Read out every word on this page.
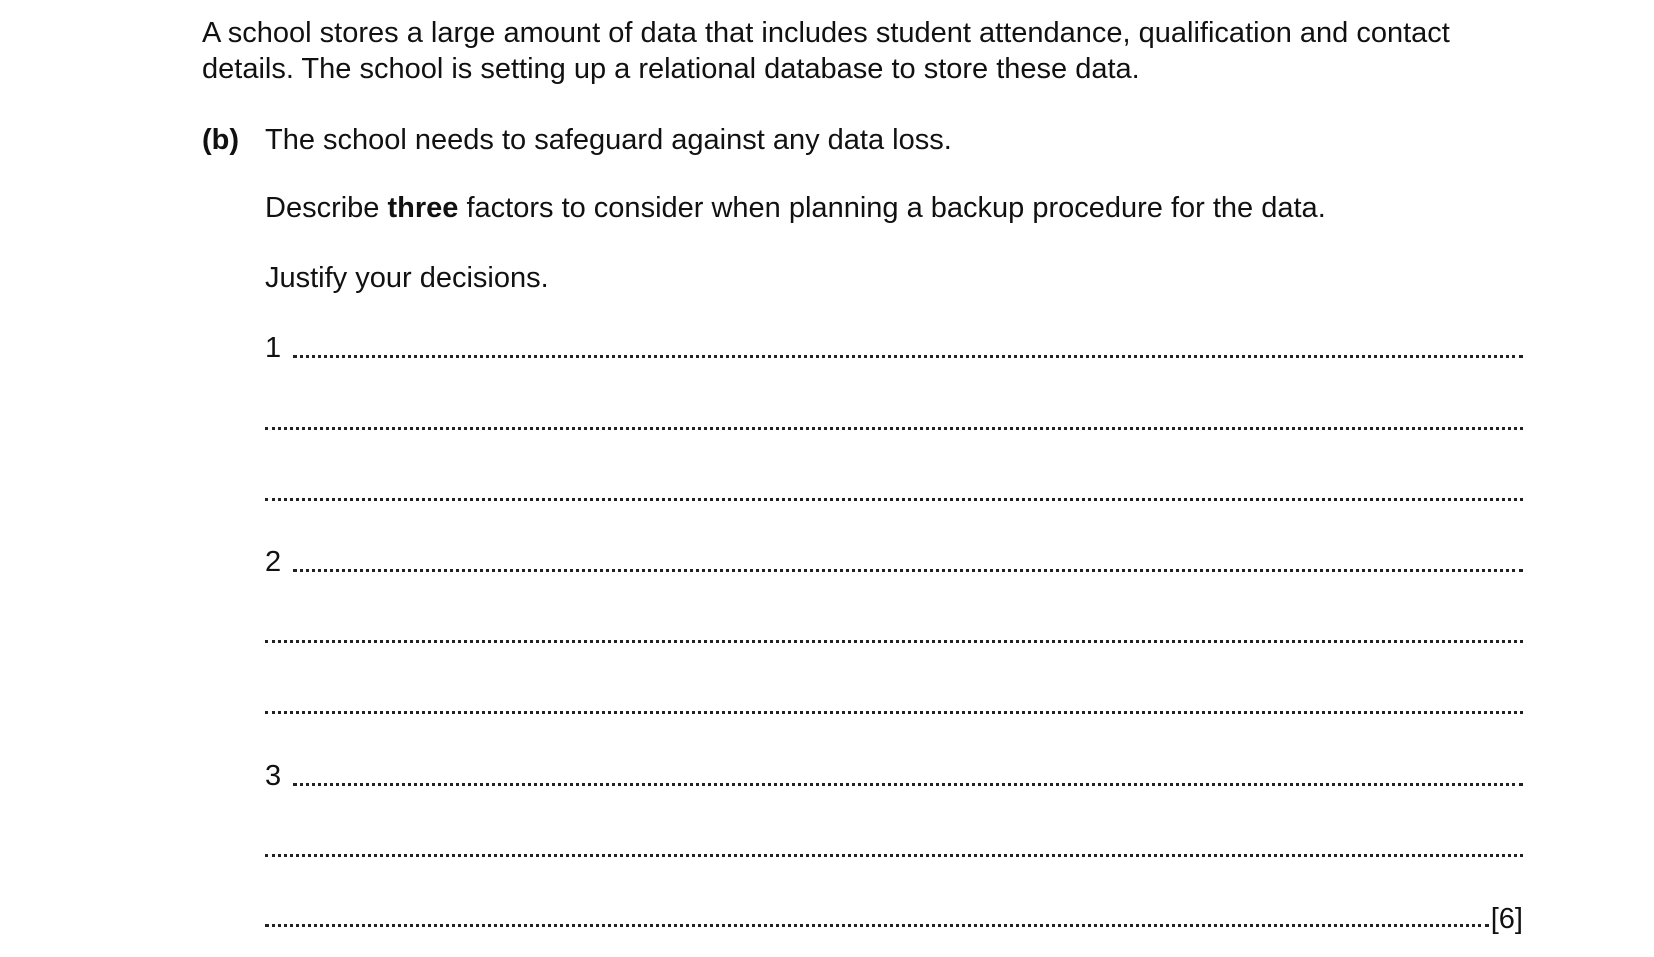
A school stores a large amount of data that includes student attendance, qualification and contact

details. The school is setting up a relational database to store these data.

(b) The school needs to safeguard against any data loss.

Describe three factors to consider when planning a backup procedure for the data.

Justify your decisions.

1
2
3
[6]
